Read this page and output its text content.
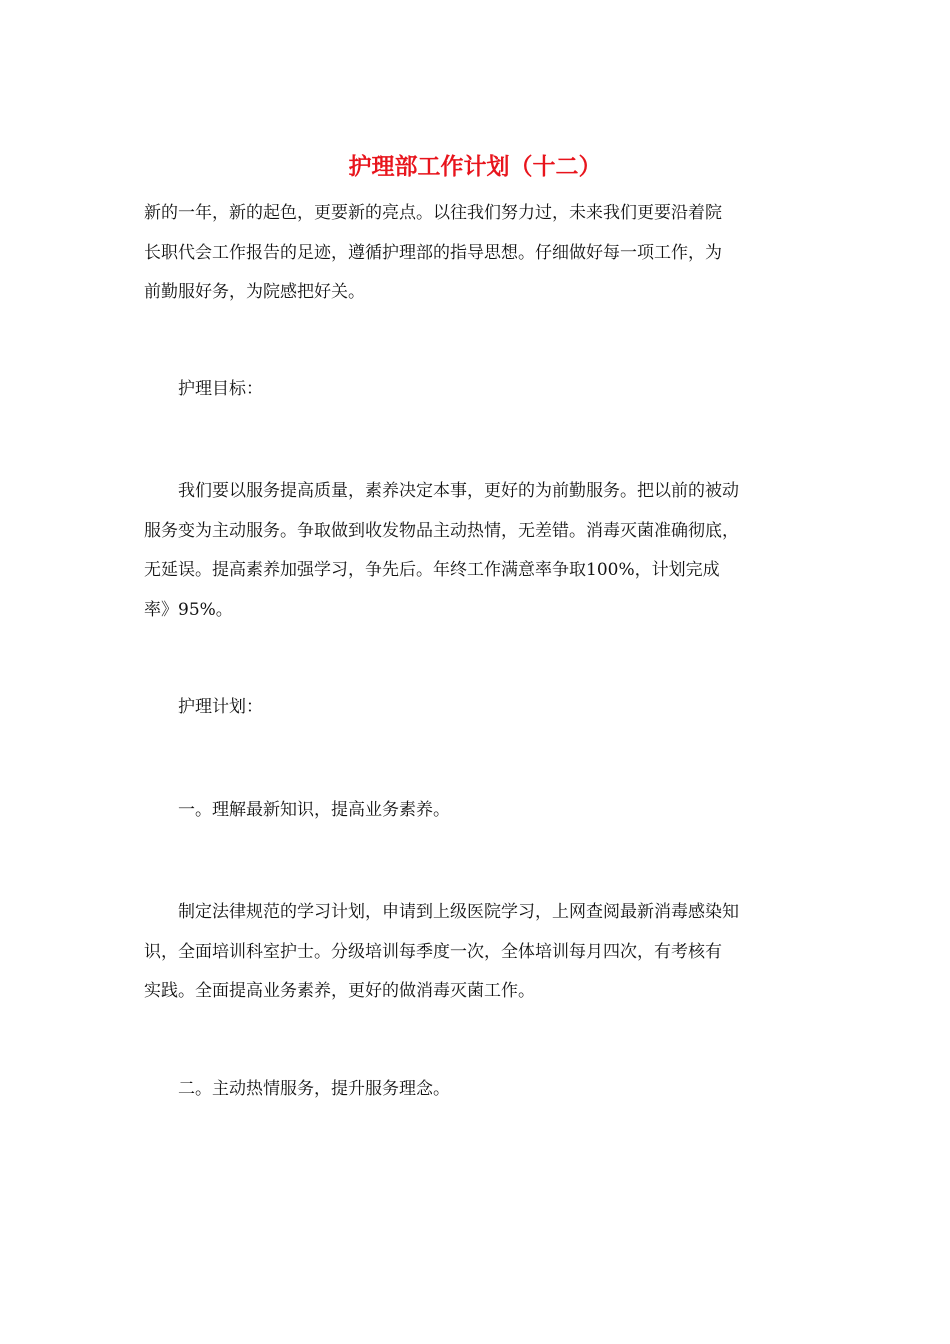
护理部工作计划（十二）

新的一年，新的起色，更要新的亮点。以往我们努力过，未来我们更要沿着院
长职代会工作报告的足迹，遵循护理部的指导思想。仔细做好每一项工作，为
前勤服好务，为院感把好关。

护理目标：

我们要以服务提高质量，素养决定本事，更好的为前勤服务。把以前的被动
服务变为主动服务。争取做到收发物品主动热情，无差错。消毒灭菌准确彻底，
无延误。提高素养加强学习，争先后。年终工作满意率争取100%，计划完成
率》95%。

护理计划：

一。理解最新知识，提高业务素养。

制定法律规范的学习计划，申请到上级医院学习，上网查阅最新消毒感染知
识，全面培训科室护士。分级培训每季度一次，全体培训每月四次，有考核有
实践。全面提高业务素养，更好的做消毒灭菌工作。

二。主动热情服务，提升服务理念。
